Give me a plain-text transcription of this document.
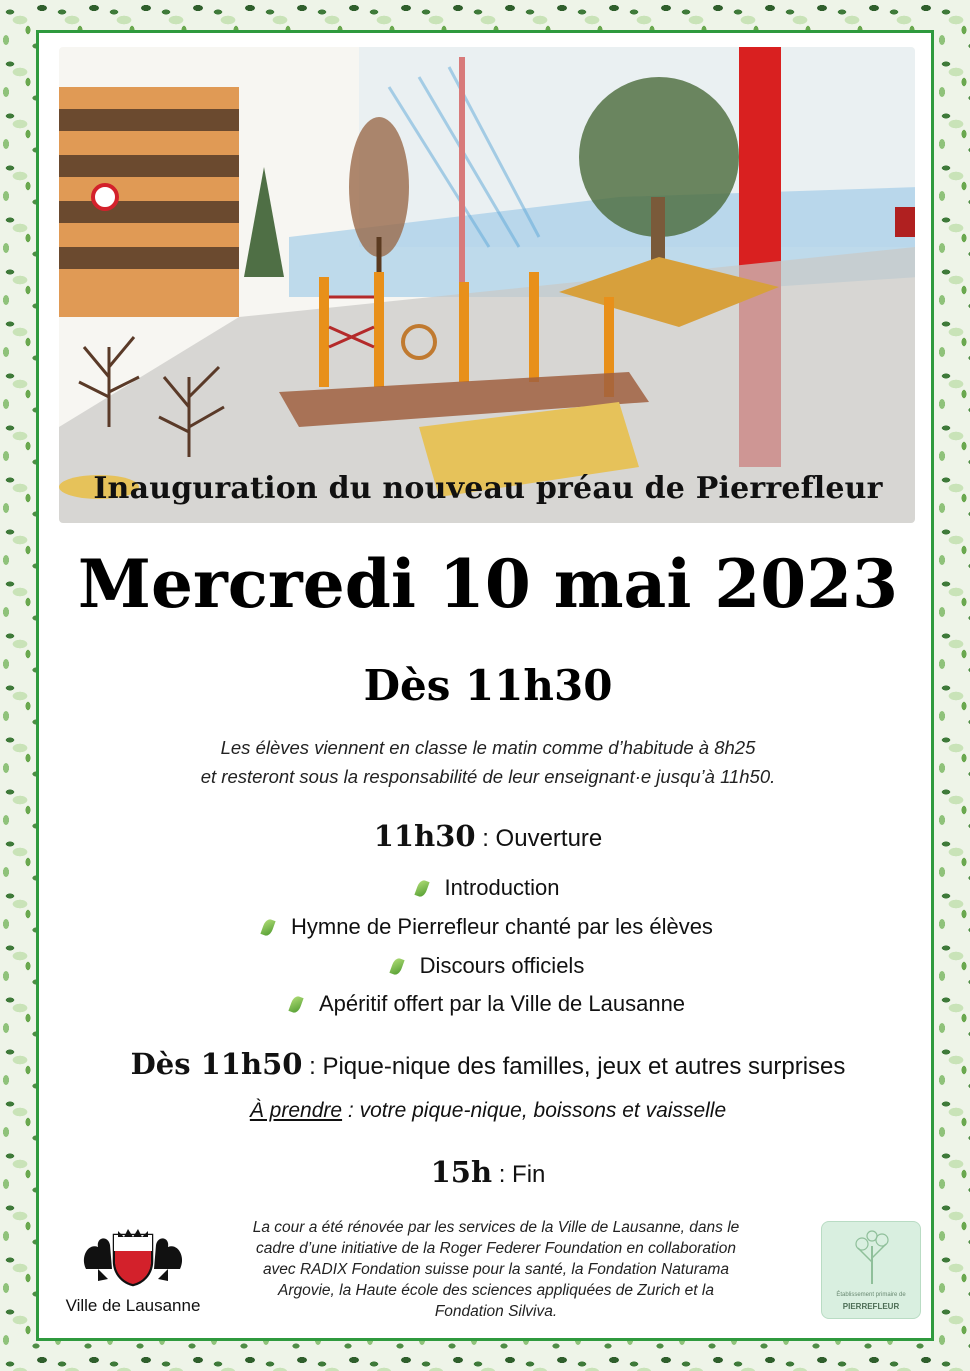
Inauguration du nouveau préau de Pierrefleur
Mercredi 10 mai 2023
Dès 11h30
Les élèves viennent en classe le matin comme d’habitude à 8h25
et resteront sous la responsabilité de leur enseignant·e jusqu’à 11h50.
11h30 : Ouverture
Introduction
Hymne de Pierrefleur chanté par les élèves
Discours officiels
Apéritif offert par la Ville de Lausanne
Dès 11h50 : Pique-nique des familles, jeux et autres surprises
À prendre : votre pique-nique, boissons et vaisselle
15h : Fin
Ville de Lausanne
La cour a été rénovée par les services de la Ville de Lausanne, dans le
cadre d’une initiative de la Roger Federer Foundation en collaboration
avec RADIX Fondation suisse pour la santé, la Fondation Naturama
Argovie, la Haute école des sciences appliquées de Zurich et la
Fondation Silviva.
Établissement primaire de
PIERREFLEUR
